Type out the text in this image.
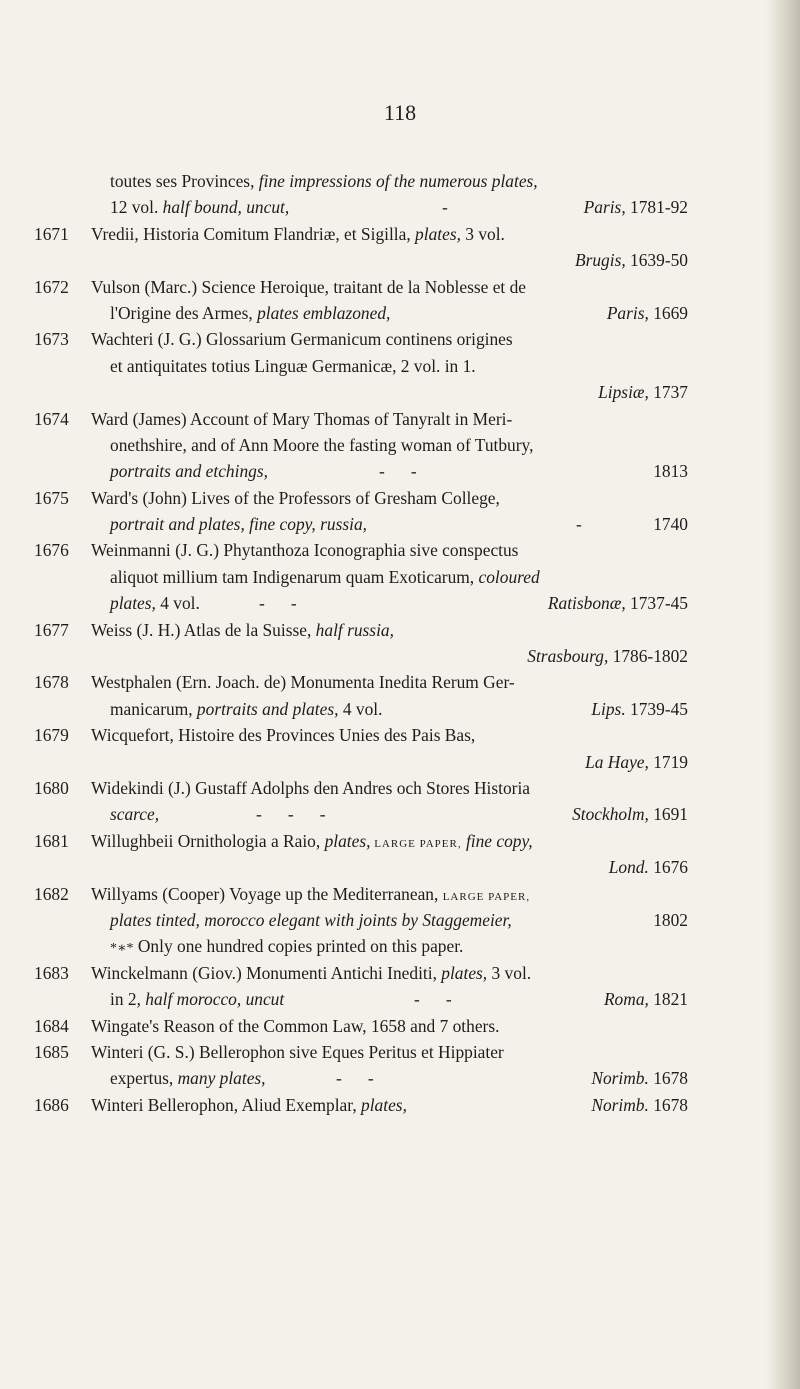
118
toutes ses Provinces, fine impressions of the numerous plates,
12 vol. half bound, uncut,	-	Paris, 1781-92
1671 Vredii, Historia Comitum Flandriæ, et Sigilla, plates, 3 vol.
Brugis, 1639-50
1672 Vulson (Marc.) Science Heroique, traitant de la Noblesse et de
l'Origine des Armes, plates emblazoned,	Paris, 1669
1673 Wachteri (J. G.) Glossarium Germanicum continens origines
et antiquitates totius Linguæ Germanicæ, 2 vol. in 1.
Lipsiæ, 1737
1674 Ward (James) Account of Mary Thomas of Tanyralt in Meri-
onethshire, and of Ann Moore the fasting woman of Tutbury,
portraits and etchings,	-      -	1813
1675 Ward's (John) Lives of the Professors of Gresham College,
portrait and plates, fine copy, russia,	-	1740
1676 Weinmanni (J. G.) Phytanthoza Iconographia sive conspectus
aliquot millium tam Indigenarum quam Exoticarum, coloured
plates, 4 vol.	-      -	Ratisbonæ, 1737-45
1677 Weiss (J. H.) Atlas de la Suisse, half russia,
Strasbourg, 1786-1802
1678 Westphalen (Ern. Joach. de) Monumenta Inedita Rerum Ger-
manicarum, portraits and plates, 4 vol.	Lips. 1739-45
1679 Wicquefort, Histoire des Provinces Unies des Pais Bas,
La Haye, 1719
1680 Widekindi (J.) Gustaff Adolphs den Andres och Stores Historia
scarce,	-      -      -	Stockholm, 1691
1681 Willughbeii Ornithologia a Raio, plates, LARGE PAPER, fine copy,
Lond. 1676
1682 Willyams (Cooper) Voyage up the Mediterranean, LARGE PAPER,
plates tinted, morocco elegant with joints by Staggemeier,	1802
*∗* Only one hundred copies printed on this paper.
1683 Winckelmann (Giov.) Monumenti Antichi Inediti, plates, 3 vol.
in 2, half morocco, uncut	-      -	Roma, 1821
1684 Wingate's Reason of the Common Law, 1658 and 7 others.
1685 Winteri (G. S.) Bellerophon sive Eques Peritus et Hippiater
expertus, many plates,	-      -	Norimb. 1678
1686 Winteri Bellerophon, Aliud Exemplar, plates,	Norimb. 1678
